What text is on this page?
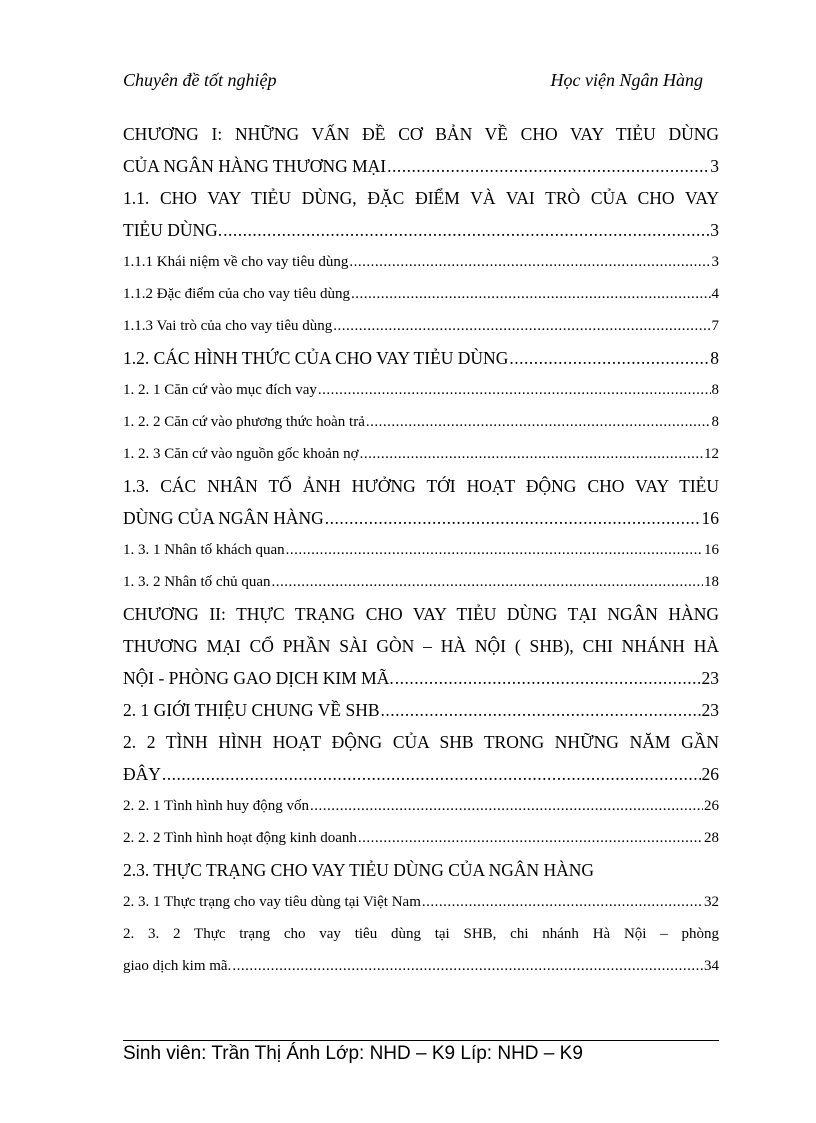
Chuyên đề tốt nghiệp	Học viện Ngân Hàng
CHƯƠNG I: NHỮNG VẤN ĐỀ CƠ BẢN VỀ CHO VAY TIẺU DÙNG
CỦA NGÂN HÀNG THƯƠNG MẠI .....	3
1.1. CHO VAY TIẺU DÙNG, ĐẶC ĐIỂM VÀ VAI TRÒ CỦA CHO VAY
TIẺU DÙNG. .....	3
1.1.1 Khái niệm về cho vay tiêu dùng .....	3
1.1.2 Đặc điểm của cho vay tiêu dùng .....	4
1.1.3 Vai trò của cho vay tiêu dùng .....	7
1.2. CÁC HÌNH THỨC CỦA CHO VAY TIẺU DÙNG .....	8
1. 2. 1 Căn cứ vào mục đích vay .....	8
1. 2. 2 Căn cứ vào phương thức hoàn trả .....	8
1. 2. 3 Căn cứ vào nguồn gốc khoản nợ .....	12
1.3. CÁC NHÂN TỐ ẢNH HƯỞNG TỚI HOẠT ĐỘNG CHO VAY TIẺU
DÙNG CỦA NGÂN HÀNG .....	16
1. 3. 1 Nhân tố khách quan .....	16
1. 3. 2 Nhân tố chủ quan .....	18
CHƯƠNG II: THỰC TRẠNG CHO VAY TIẺU DÙNG TẠI NGÂN HÀNG
THƯƠNG MẠI CỔ PHẦN SÀI GÒN – HÀ NỘI ( SHB), CHI NHÁNH HÀ
NỘI - PHÒNG GAO DỊCH KIM MÃ. .....	23
2. 1 GIỚI THIỆU CHUNG VỀ SHB .....	23
2. 2 TÌNH HÌNH HOẠT ĐỘNG CỦA SHB TRONG NHỮNG NĂM GẦN
ĐÂY .....	26
2. 2. 1 Tình hình huy động vốn .....	26
2. 2. 2 Tình hình hoạt động kinh doanh .....	28
2.3. THỰC TRẠNG CHO VAY TIẺU DÙNG CỦA NGÂN HÀNG
2. 3. 1 Thực trạng cho vay tiêu dùng tại Việt Nam .....	32
2. 3. 2 Thực trạng cho vay tiêu dùng tại SHB, chi nhánh Hà Nội – phòng
giao dịch kim mã. .....	34
Sinh viên: Trần Thị Ánh Lớp: NHD – K9 Líp: NHD – K9
